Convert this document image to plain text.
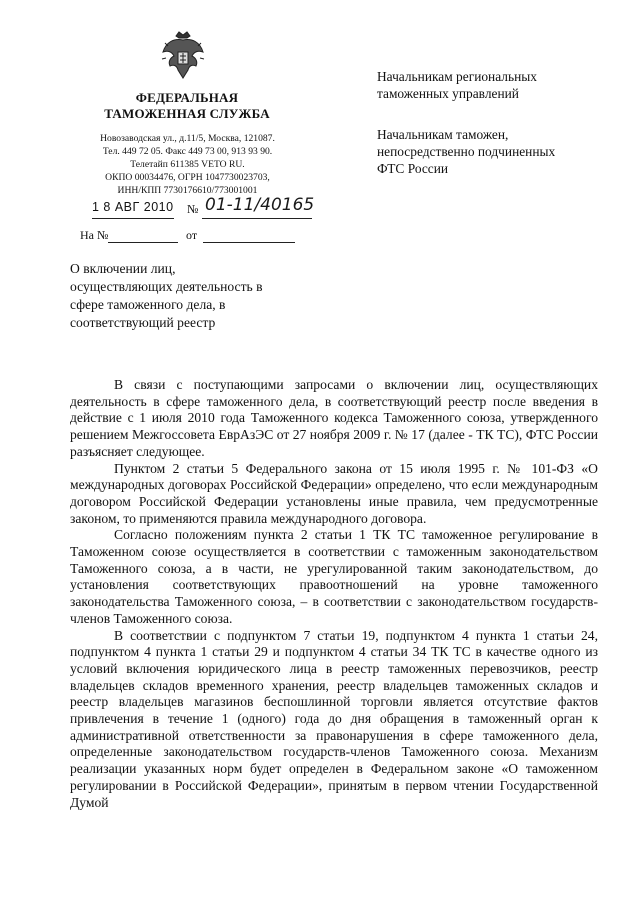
ФЕДЕРАЛЬНАЯ
ТАМОЖЕННАЯ СЛУЖБА
Новозаводская ул., д.11/5, Москва, 121087.
Тел. 449 72 05. Факс 449 73 00, 913 93 90.
Телетайп 611385 VETO RU.
ОКПО 00034476, ОГРН 1047730023703,
ИНН/КПП 7730176610/773001001
1 8 АВГ 2010 № 01-11/40165
На №	от
Начальникам региональных
таможенных управлений
Начальникам таможен,
непосредственно подчиненных
ФТС России
О включении лиц,
осуществляющих деятельность в
сфере таможенного дела, в
соответствующий реестр

В связи с поступающими запросами о включении лиц, осуществляющих деятельность в сфере таможенного дела, в соответствующий реестр после введения в действие с 1 июля 2010 года Таможенного кодекса Таможенного союза, утвержденного решением Межгоссовета ЕврАзЭС от 27 ноября 2009 г. № 17 (далее - ТК ТС), ФТС России разъясняет следующее.

Пунктом 2 статьи 5 Федерального закона от 15 июля 1995 г. № 101-ФЗ «О международных договорах Российской Федерации» определено, что если международным договором Российской Федерации установлены иные правила, чем предусмотренные законом, то применяются правила международного договора.

Согласно положениям пункта 2 статьи 1 ТК ТС таможенное регулирование в Таможенном союзе осуществляется в соответствии с таможенным законодательством Таможенного союза, а в части, не урегулированной таким законодательством, до установления соответствующих правоотношений на уровне таможенного законодательства Таможенного союза, – в соответствии с законодательством государств-членов Таможенного союза.

В соответствии с подпунктом 7 статьи 19, подпунктом 4 пункта 1 статьи 24, подпунктом 4 пункта 1 статьи 29 и подпунктом 4 статьи 34 ТК ТС в качестве одного из условий включения юридического лица в реестр таможенных перевозчиков, реестр владельцев складов временного хранения, реестр владельцев таможенных складов и реестр владельцев магазинов беспошлинной торговли является отсутствие фактов привлечения в течение 1 (одного) года до дня обращения в таможенный орган к административной ответственности за правонарушения в сфере таможенного дела, определенные законодательством государств-членов Таможенного союза. Механизм реализации указанных норм будет определен в Федеральном законе «О таможенном регулировании в Российской Федерации», принятым в первом чтении Государственной Думой
